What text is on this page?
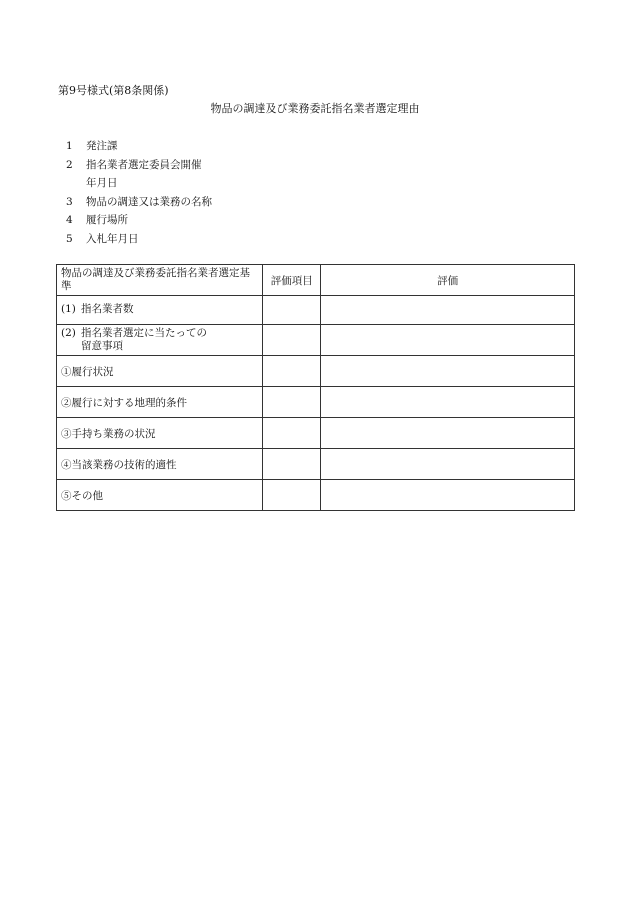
第9号様式(第8条関係)
物品の調達及び業務委託指名業者選定理由
1	発注課
2	指名業者選定委員会開催
年月日
3	物品の調達又は業務の名称
4	履行場所
5	入札年月日
物品の調達及び業務委託指名業者選定基準	評価項目	評価

(1) 指名業者数		

(2) 指名業者選定に当たっての
留意事項		

①履行状況		
②履行に対する地理的条件		
③手持ち業務の状況		
④当該業務の技術的適性		
⑤その他		
